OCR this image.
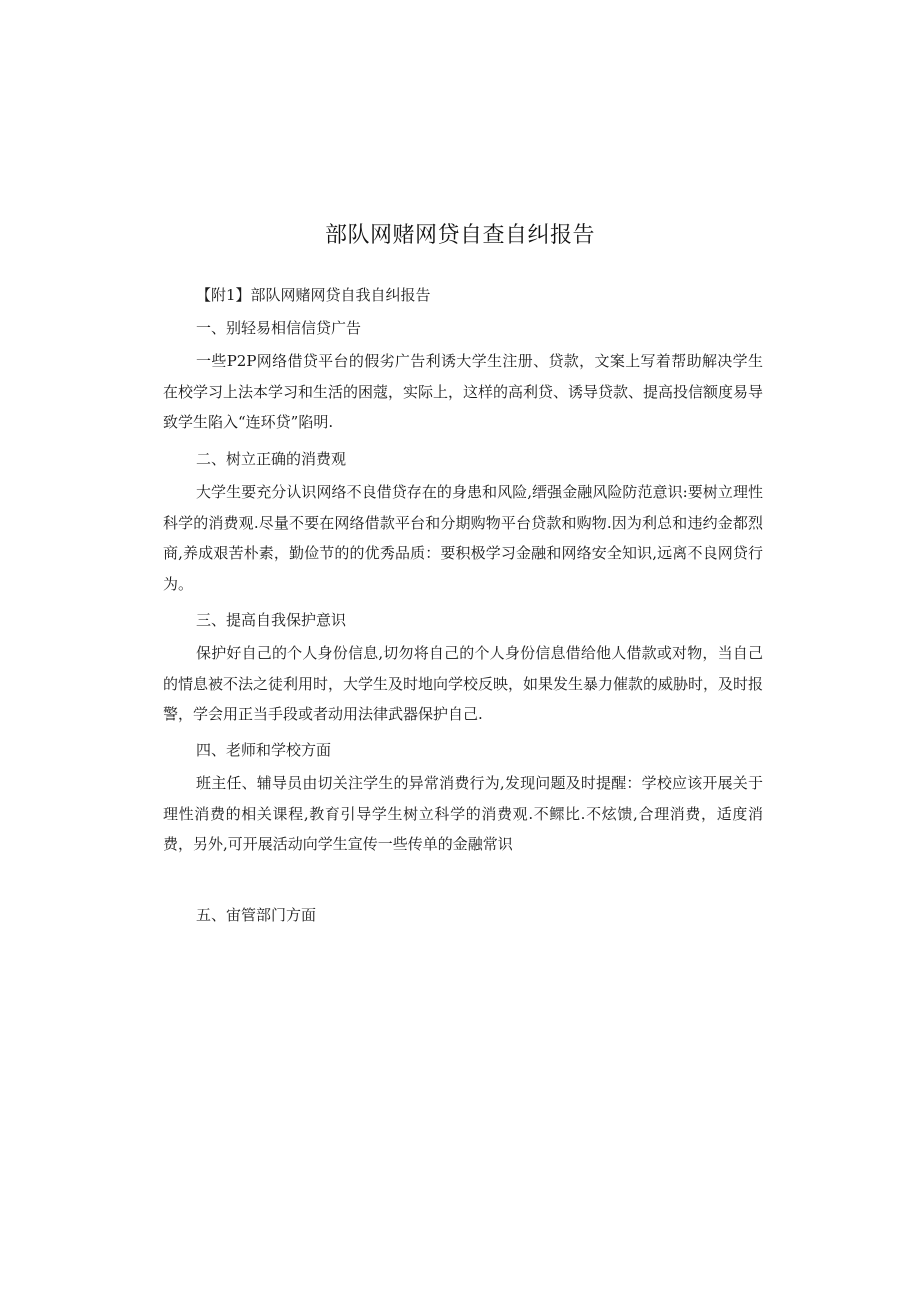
部队网赌网贷自查自纠报告

【附1】部队网赌网贷自我自纠报告

一、别轻易相信信贷广告

一些P2P网络借贷平台的假劣广告利诱大学生注册、贷款，文案上写着帮助解决学生在校学习上法本学习和生活的困蔻，实际上，这样的高利贷、诱导贷款、提高投信额度易导致学生陷入“连环贷”陷明.

二、树立正确的消费观

大学生要充分认识网络不良借贷存在的身患和风险,缙强金融风险防范意识:要树立理性科学的消费观.尽量不要在网络借款平台和分期购物平台贷款和购物.因为利总和违约金都烈商,养成艰苦朴素，勤俭节的的优秀品质：要积极学习金融和网络安全知识,远离不良网贷行为。

三、提高自我保护意识

保护好自己的个人身份信息,切勿将自己的个人身份信息借给他人借款或对物，当自己的情息被不法之徒利用时，大学生及时地向学校反映，如果发生暴力催款的威胁时，及时报警，学会用正当手段或者动用法律武器保护自己.

四、老师和学校方面

班主任、辅导员由切关注学生的异常消费行为,发现问题及时提醒：学校应该开展关于理性消费的相关课程,教育引导学生树立科学的消费观.不鳏比.不炫馈,合理消费，适度消费，另外,可开展活动向学生宣传一些传单的金融常识

五、宙管部门方面
